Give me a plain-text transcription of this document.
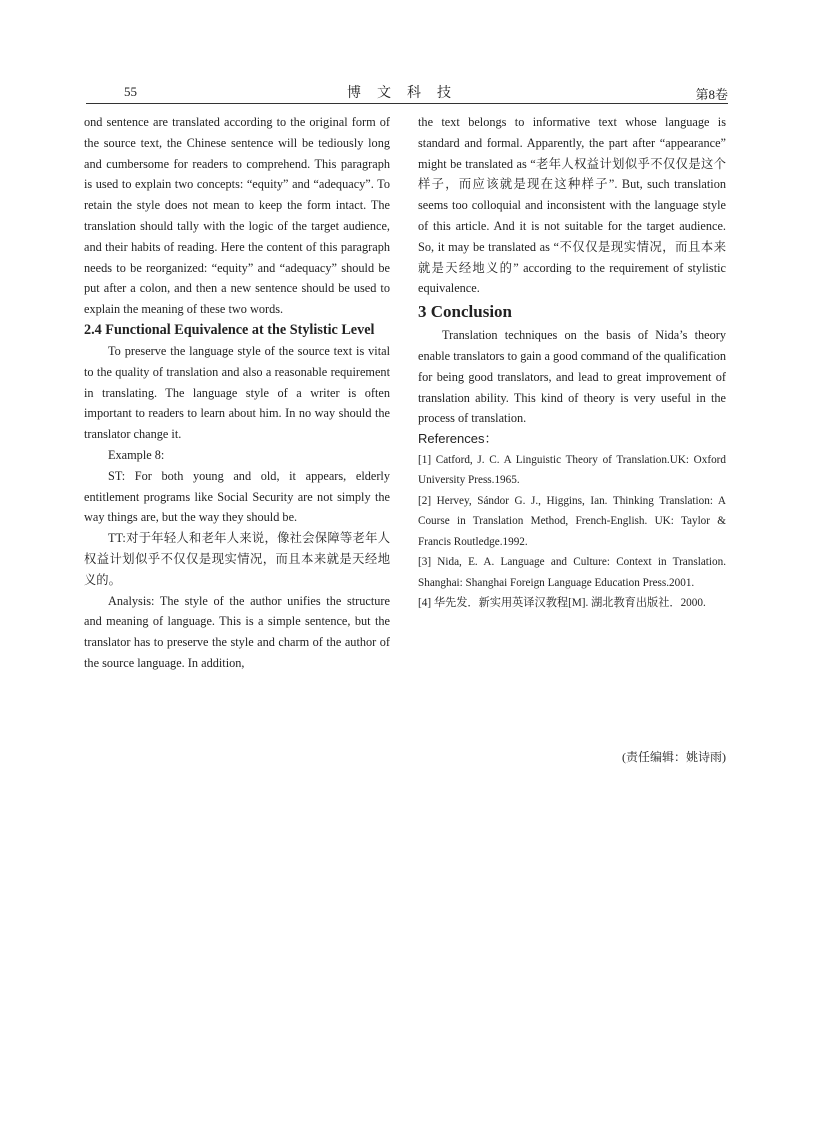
55	博文科技	第8卷

ond sentence are translated according to the original form of the source text, the Chinese sentence will be tediously long and cumbersome for readers to comprehend. This paragraph is used to explain two concepts: “equity” and “adequacy”. To retain the style does not mean to keep the form intact. The translation should tally with the logic of the target audience, and their habits of reading. Here the content of this paragraph needs to be reorganized: “equity” and “adequacy” should be put after a colon, and then a new sentence should be used to explain the meaning of these two words.

2.4 Functional Equivalence at the Stylistic Level

To preserve the language style of the source text is vital to the quality of translation and also a reasonable requirement in translating. The language style of a writer is often important to readers to learn about him. In no way should the translator change it.

Example 8:

ST: For both young and old, it appears, elderly entitlement programs like Social Security are not simply the way things are, but the way they should be.

TT:对于年轻人和老年人来说，像社会保障等老年人权益计划似乎不仅仅是现实情况，而且本来就是天经地义的。

Analysis: The style of the author unifies the structure and meaning of language. This is a simple sentence, but the translator has to preserve the style and charm of the author of the source language. In addition,

the text belongs to informative text whose language is standard and formal. Apparently, the part after “appearance” might be translated as “老年人权益计划似乎不仅仅是这个样子，而应该就是现在这种样子”. But, such translation seems too colloquial and inconsistent with the language style of this article. And it is not suitable for the target audience. So, it may be translated as “不仅仅是现实情况，而且本来就是天经地义的” according to the requirement of stylistic equivalence.

3 Conclusion

Translation techniques on the basis of Nida’s theory enable translators to gain a good command of the qualification for being good translators, and lead to great improvement of translation ability. This kind of theory is very useful in the process of translation.

References：

[1] Catford, J. C. A Linguistic Theory of Translation.UK: Oxford University Press.1965.

[2] Hervey, Sándor G. J., Higgins, Ian. Thinking Translation: A Course in Translation Method, French-English. UK: Taylor & Francis Routledge.1992.

[3] Nida, E. A. Language and Culture: Context in Translation. Shanghai: Shanghai Foreign Language Education Press.2001.

[4] 华先发．新实用英译汉教程[M]. 湖北教育出版社．2000.

(责任编辑：姚诗雨)
